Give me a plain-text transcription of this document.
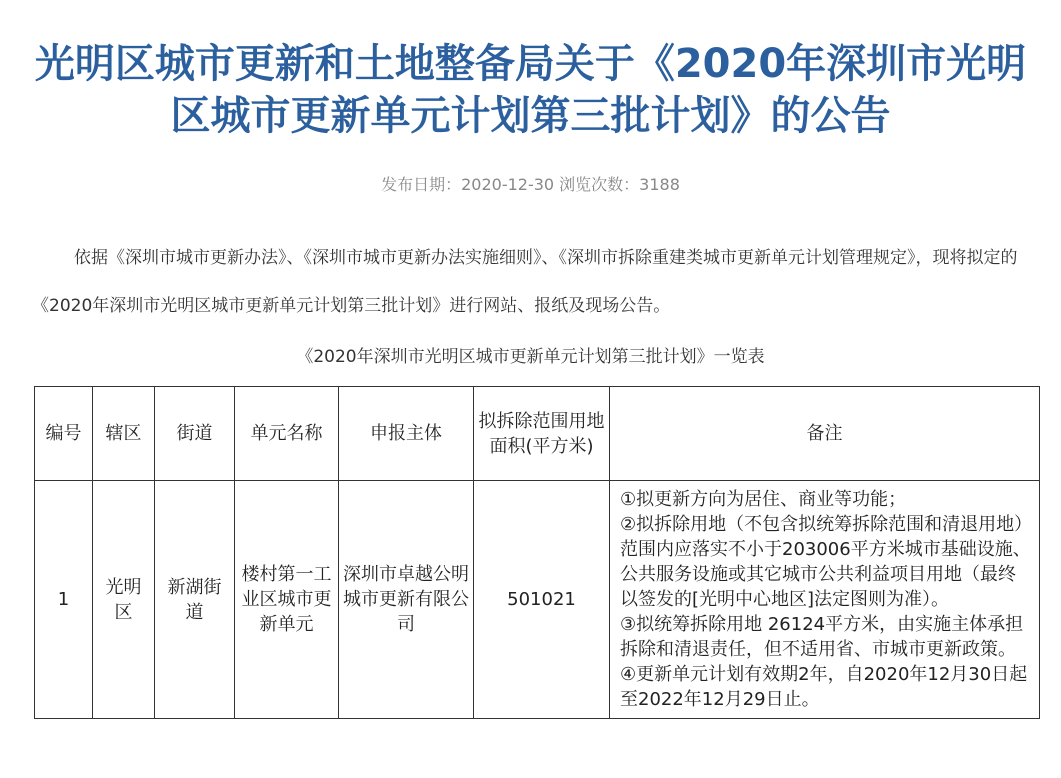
光明区城市更新和土地整备局关于《2020年深圳市光明
区城市更新单元计划第三批计划》的公告
发布日期：2020-12-30 浏览次数：3188

依据《深圳市城市更新办法》、《深圳市城市更新办法实施细则》、《深圳市拆除重建类城市更新单元计划管理规定》，现将拟定的《2020年深圳市光明区城市更新单元计划第三批计划》进行网站、报纸及现场公告。

《2020年深圳市光明区城市更新单元计划第三批计划》一览表
编号	辖区	街道	单元名称	申报主体	拟拆除范围用地面积(平方米)	备注
1	光明区	新湖街道	楼村第一工业区城市更新单元	深圳市卓越公明城市更新有限公司	501021	①拟更新方向为居住、商业等功能；
②拟拆除用地（不包含拟统筹拆除范围和清退用地）范围内应落实不小于203006平方米城市基础设施、公共服务设施或其它城市公共利益项目用地（最终以签发的[光明中心地区]法定图则为准）。
③拟统筹拆除用地 26124平方米，由实施主体承担拆除和清退责任，但不适用省、市城市更新政策。
④更新单元计划有效期2年，自2020年12月30日起至2022年12月29日止。
